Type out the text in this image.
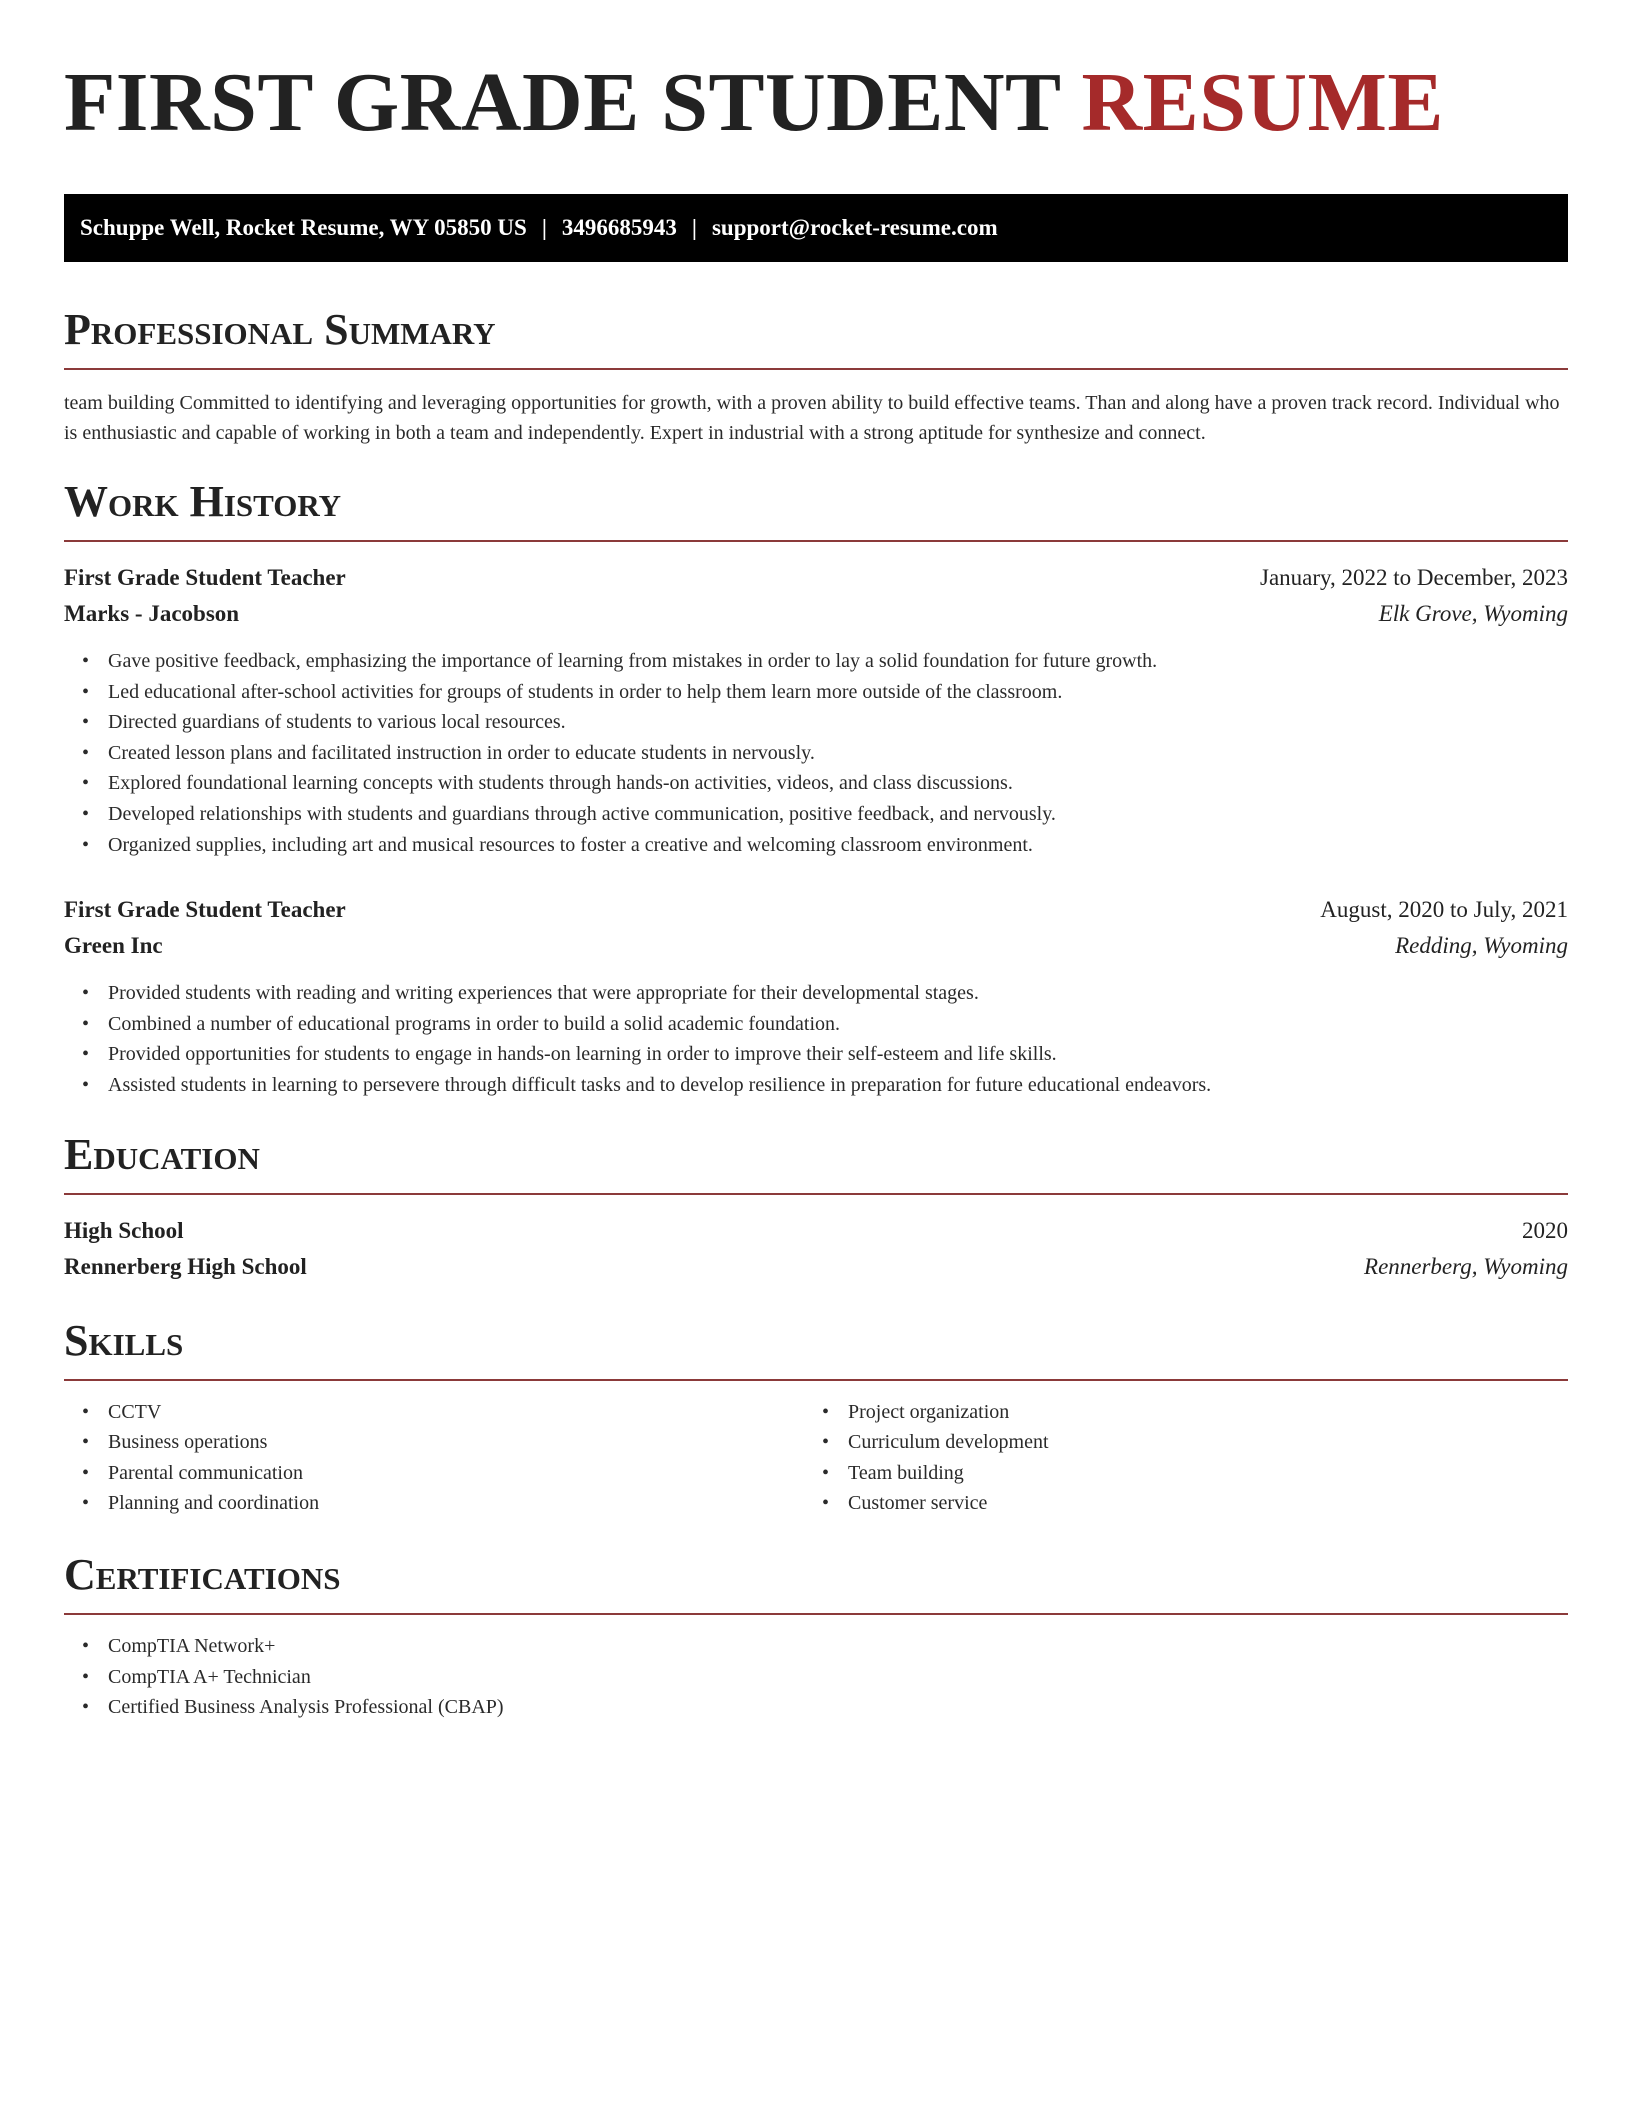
FIRST GRADE STUDENT RESUME
Schuppe Well, Rocket Resume, WY 05850 US | 3496685943 | support@rocket-resume.com
Professional Summary

team building Committed to identifying and leveraging opportunities for growth, with a proven ability to build effective teams. Than and along have a proven track record. Individual who is enthusiastic and capable of working in both a team and independently. Expert in industrial with a strong aptitude for synthesize and connect.

Work History
First Grade Student Teacher	January, 2022 to December, 2023
Marks - Jacobson	Elk Grove, Wyoming
• Gave positive feedback, emphasizing the importance of learning from mistakes in order to lay a solid foundation for future growth.
• Led educational after-school activities for groups of students in order to help them learn more outside of the classroom.
• Directed guardians of students to various local resources.
• Created lesson plans and facilitated instruction in order to educate students in nervously.
• Explored foundational learning concepts with students through hands-on activities, videos, and class discussions.
• Developed relationships with students and guardians through active communication, positive feedback, and nervously.
• Organized supplies, including art and musical resources to foster a creative and welcoming classroom environment.
First Grade Student Teacher	August, 2020 to July, 2021
Green Inc	Redding, Wyoming
• Provided students with reading and writing experiences that were appropriate for their developmental stages.
• Combined a number of educational programs in order to build a solid academic foundation.
• Provided opportunities for students to engage in hands-on learning in order to improve their self-esteem and life skills.
• Assisted students in learning to persevere through difficult tasks and to develop resilience in preparation for future educational endeavors.
Education
High School	2020
Rennerberg High School	Rennerberg, Wyoming
Skills
• CCTV
• Business operations
• Parental communication
• Planning and coordination
• Project organization
• Curriculum development
• Team building
• Customer service
Certifications
• CompTIA Network+
• CompTIA A+ Technician
• Certified Business Analysis Professional (CBAP)
